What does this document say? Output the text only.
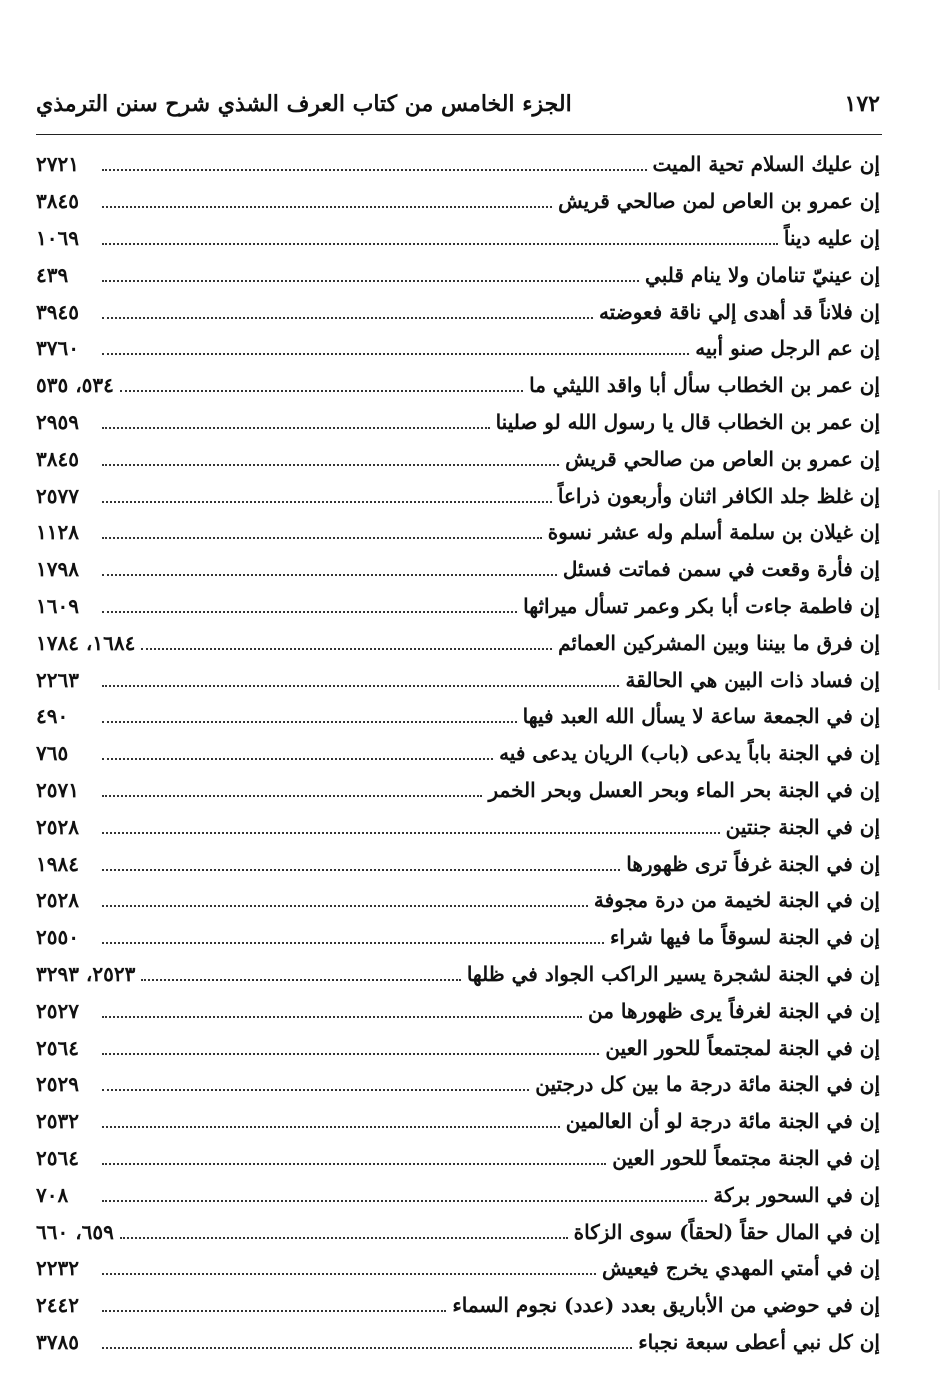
١٧٢
الجزء الخامس من كتاب العرف الشذي شرح سنن الترمذي
إن عليك السلام تحية الميت
٢٧٢١
إن عمرو بن العاص لمن صالحي قريش
٣٨٤٥
إن عليه ديناً
١٠٦٩
إن عينيّ تنامان ولا ينام قلبي
٤٣٩
إن فلاناً قد أهدى إلي ناقة فعوضته
٣٩٤٥
إن عم الرجل صنو أبيه
٣٧٦٠
إن عمر بن الخطاب سأل أبا واقد الليثي ما
٥٣٤، ٥٣٥
إن عمر بن الخطاب قال يا رسول الله لو صلينا
٢٩٥٩
إن عمرو بن العاص من صالحي قريش
٣٨٤٥
إن غلظ جلد الكافر اثنان وأربعون ذراعاً
٢٥٧٧
إن غيلان بن سلمة أسلم وله عشر نسوة
١١٢٨
إن فأرة وقعت في سمن فماتت فسئل
١٧٩٨
إن فاطمة جاءت أبا بكر وعمر تسأل ميراثها
١٦٠٩
إن فرق ما بيننا وبين المشركين العمائم
١٦٨٤، ١٧٨٤
إن فساد ذات البين هي الحالقة
٢٢٦٣
إن في الجمعة ساعة لا يسأل الله العبد فيها
٤٩٠
إن في الجنة باباً يدعى (باب) الريان يدعى فيه
٧٦٥
إن في الجنة بحر الماء وبحر العسل وبحر الخمر
٢٥٧١
إن في الجنة جنتين
٢٥٢٨
إن في الجنة غرفاً ترى ظهورها
١٩٨٤
إن في الجنة لخيمة من درة مجوفة
٢٥٢٨
إن في الجنة لسوقاً ما فيها شراء
٢٥٥٠
إن في الجنة لشجرة يسير الراكب الجواد في ظلها
٢٥٢٣، ٣٢٩٣
إن في الجنة لغرفاً يرى ظهورها من
٢٥٢٧
إن في الجنة لمجتمعاً للحور العين
٢٥٦٤
إن في الجنة مائة درجة ما بين كل درجتين
٢٥٢٩
إن في الجنة مائة درجة لو أن العالمين
٢٥٣٢
إن في الجنة مجتمعاً للحور العين
٢٥٦٤
إن في السحور بركة
٧٠٨
إن في المال حقاً (لحقاً) سوى الزكاة
٦٥٩، ٦٦٠
إن في أمتي المهدي يخرج فيعيش
٢٢٣٢
إن في حوضي من الأباريق بعدد (عدد) نجوم السماء
٢٤٤٢
إن كل نبي أعطى سبعة نجباء
٣٧٨٥
